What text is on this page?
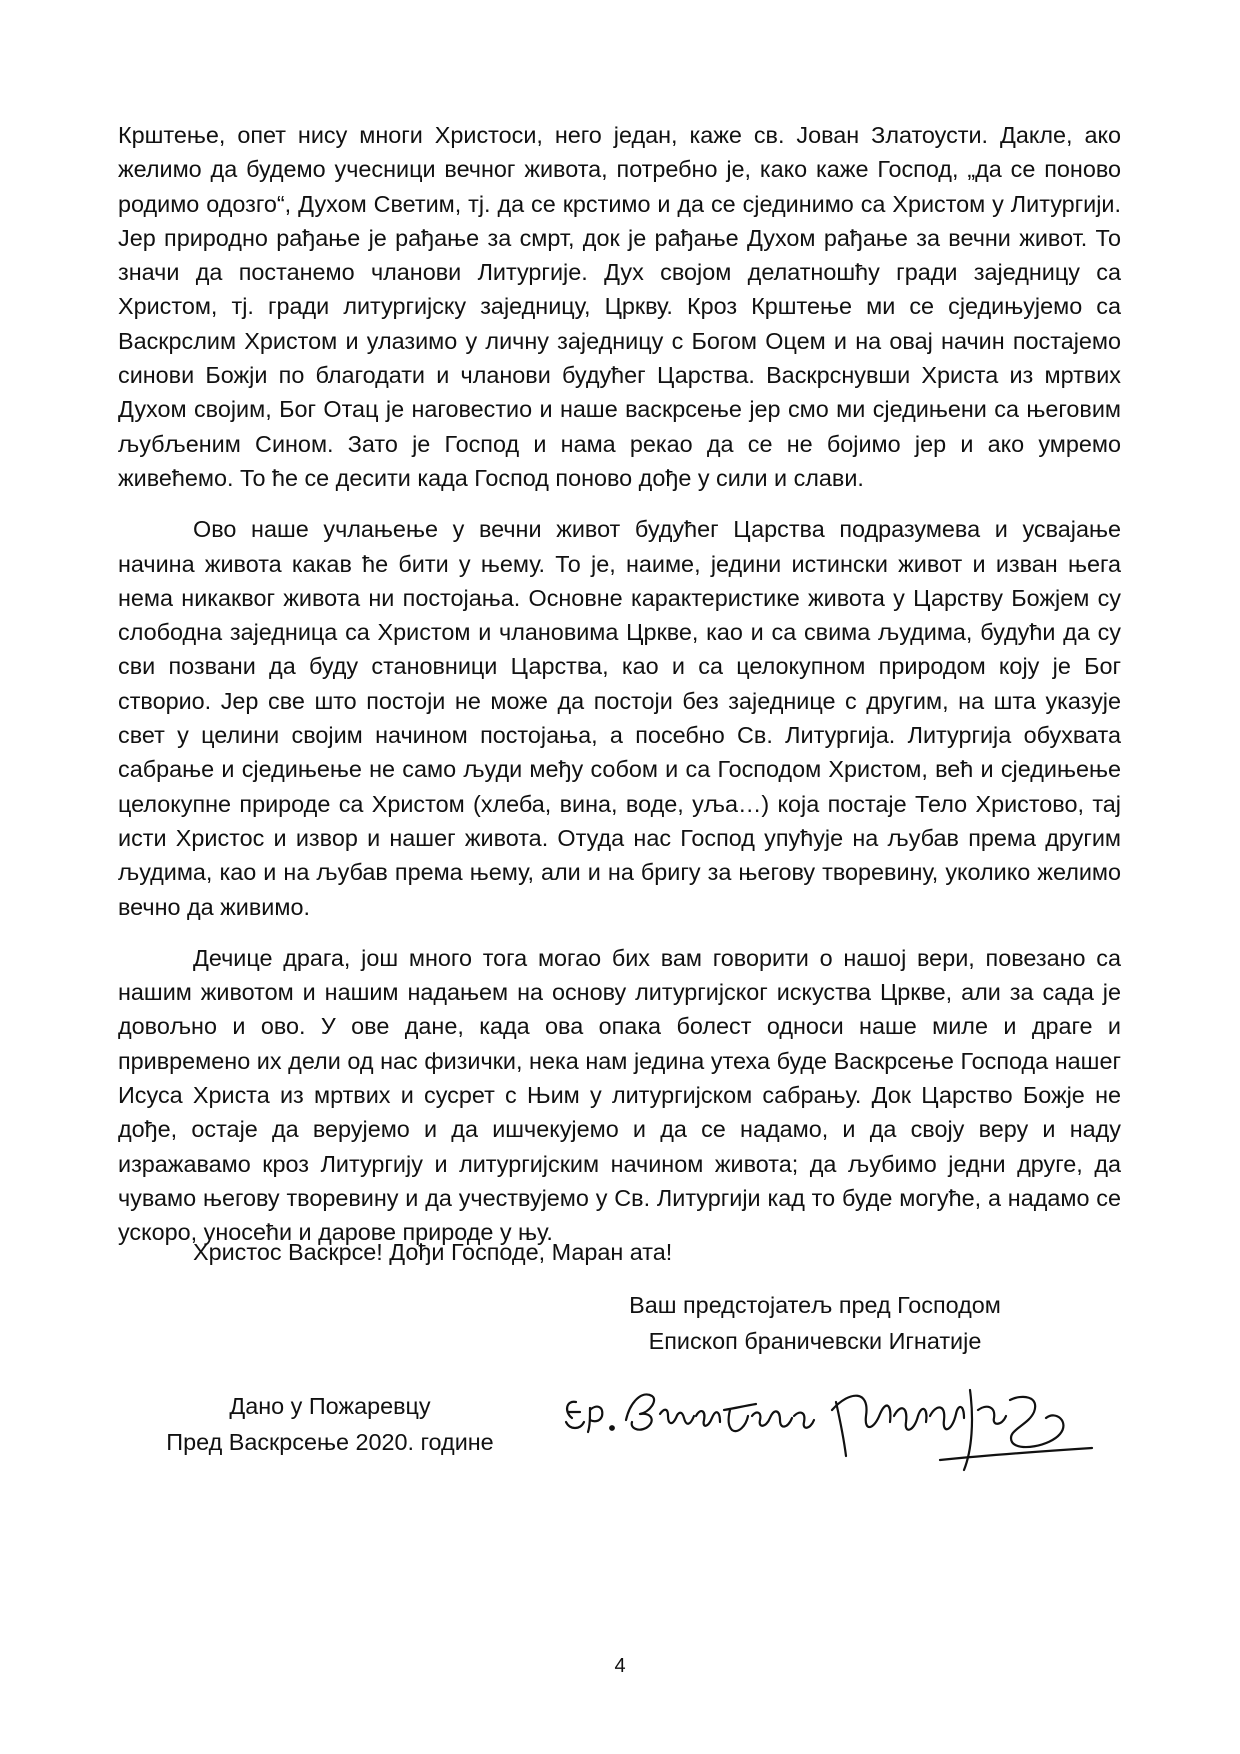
Крштење, опет нису многи Христоси, него један, каже св. Јован Златоусти. Дакле, ако желимо да будемо учесници вечног живота, потребно је, како каже Господ, „да се поново родимо одозго“, Духом Светим, тј. да се крстимо и да се сјединимо са Христом у Литургији. Јер природно рађање је рађање за смрт, док је рађање Духом рађање за вечни живот. То значи да постанемо чланови Литургије. Дух својом делатношћу гради заједницу са Христом, тј. гради литургијску заједницу, Цркву. Кроз Крштење ми се сједињујемо са Васкрслим Христом и улазимо у личну заједницу с Богом Оцем и на овај начин постајемо синови Божји по благодати и чланови будућег Царства. Васкрснувши Христа из мртвих Духом својим, Бог Отац је наговестио и наше васкрсење јер смо ми сједињени са његовим љубљеним Сином. Зато је Господ и нама рекао да се не бојимо јер и ако умремо живећемо. То ће се десити када Господ поново дође у сили и слави.

Ово наше учлањење у вечни живот будућег Царства подразумева и усвајање начина живота какав ће бити у њему. То је, наиме, једини истински живот и изван њега нема никаквог живота ни постојања. Основне карактеристике живота у Царству Божјем су слободна заједница са Христом и члановима Цркве, као и са свима људима, будући да су сви позвани да буду становници Царства, као и са целокупном природом коју је Бог створио. Јер све што постоји не може да постоји без заједнице с другим, на шта указује свет у целини својим начином постојања, а посебно Св. Литургија. Литургија обухвата сабрање и сједињење не само људи међу собом и са Господом Христом, већ и сједињење целокупне природе са Христом (хлеба, вина, воде, уља…) која постаје Тело Христово, тај исти Христос и извор и нашег живота. Отуда нас Господ упућује на љубав према другим људима, као и на љубав према њему, али и на бригу за његову творевину, уколико желимо вечно да живимо.

Дечице драга, још много тога могао бих вам говорити о нашој вери, повезано са нашим животом и нашим надањем на основу литургијског искуства Цркве, али за сада је довољно и ово. У ове дане, када ова опака болест односи наше миле и драге и привремено их дели од нас физички, нека нам једина утеха буде Васкрсење Господа нашег Исуса Христа из мртвих и сусрет с Њим у литургијском сабрању. Док Царство Божје не дође, остаје да верујемо и да ишчекујемо и да се надамо, и да своју веру и наду изражавамо кроз Литургију и литургијским начином живота; да љубимо једни друге, да чувамо његову творевину и да учествујемо у Св. Литургији кад то буде могуће, а надамо се ускоро, уносећи и дарове природе у њу.

Христос Васкрсе! Дођи Господе, Маран ата!
Ваш предстојатељ пред Господом
Епископ браничевски Игнатије
Дано у Пожаревцу
Пред Васкрсење 2020. године
4
